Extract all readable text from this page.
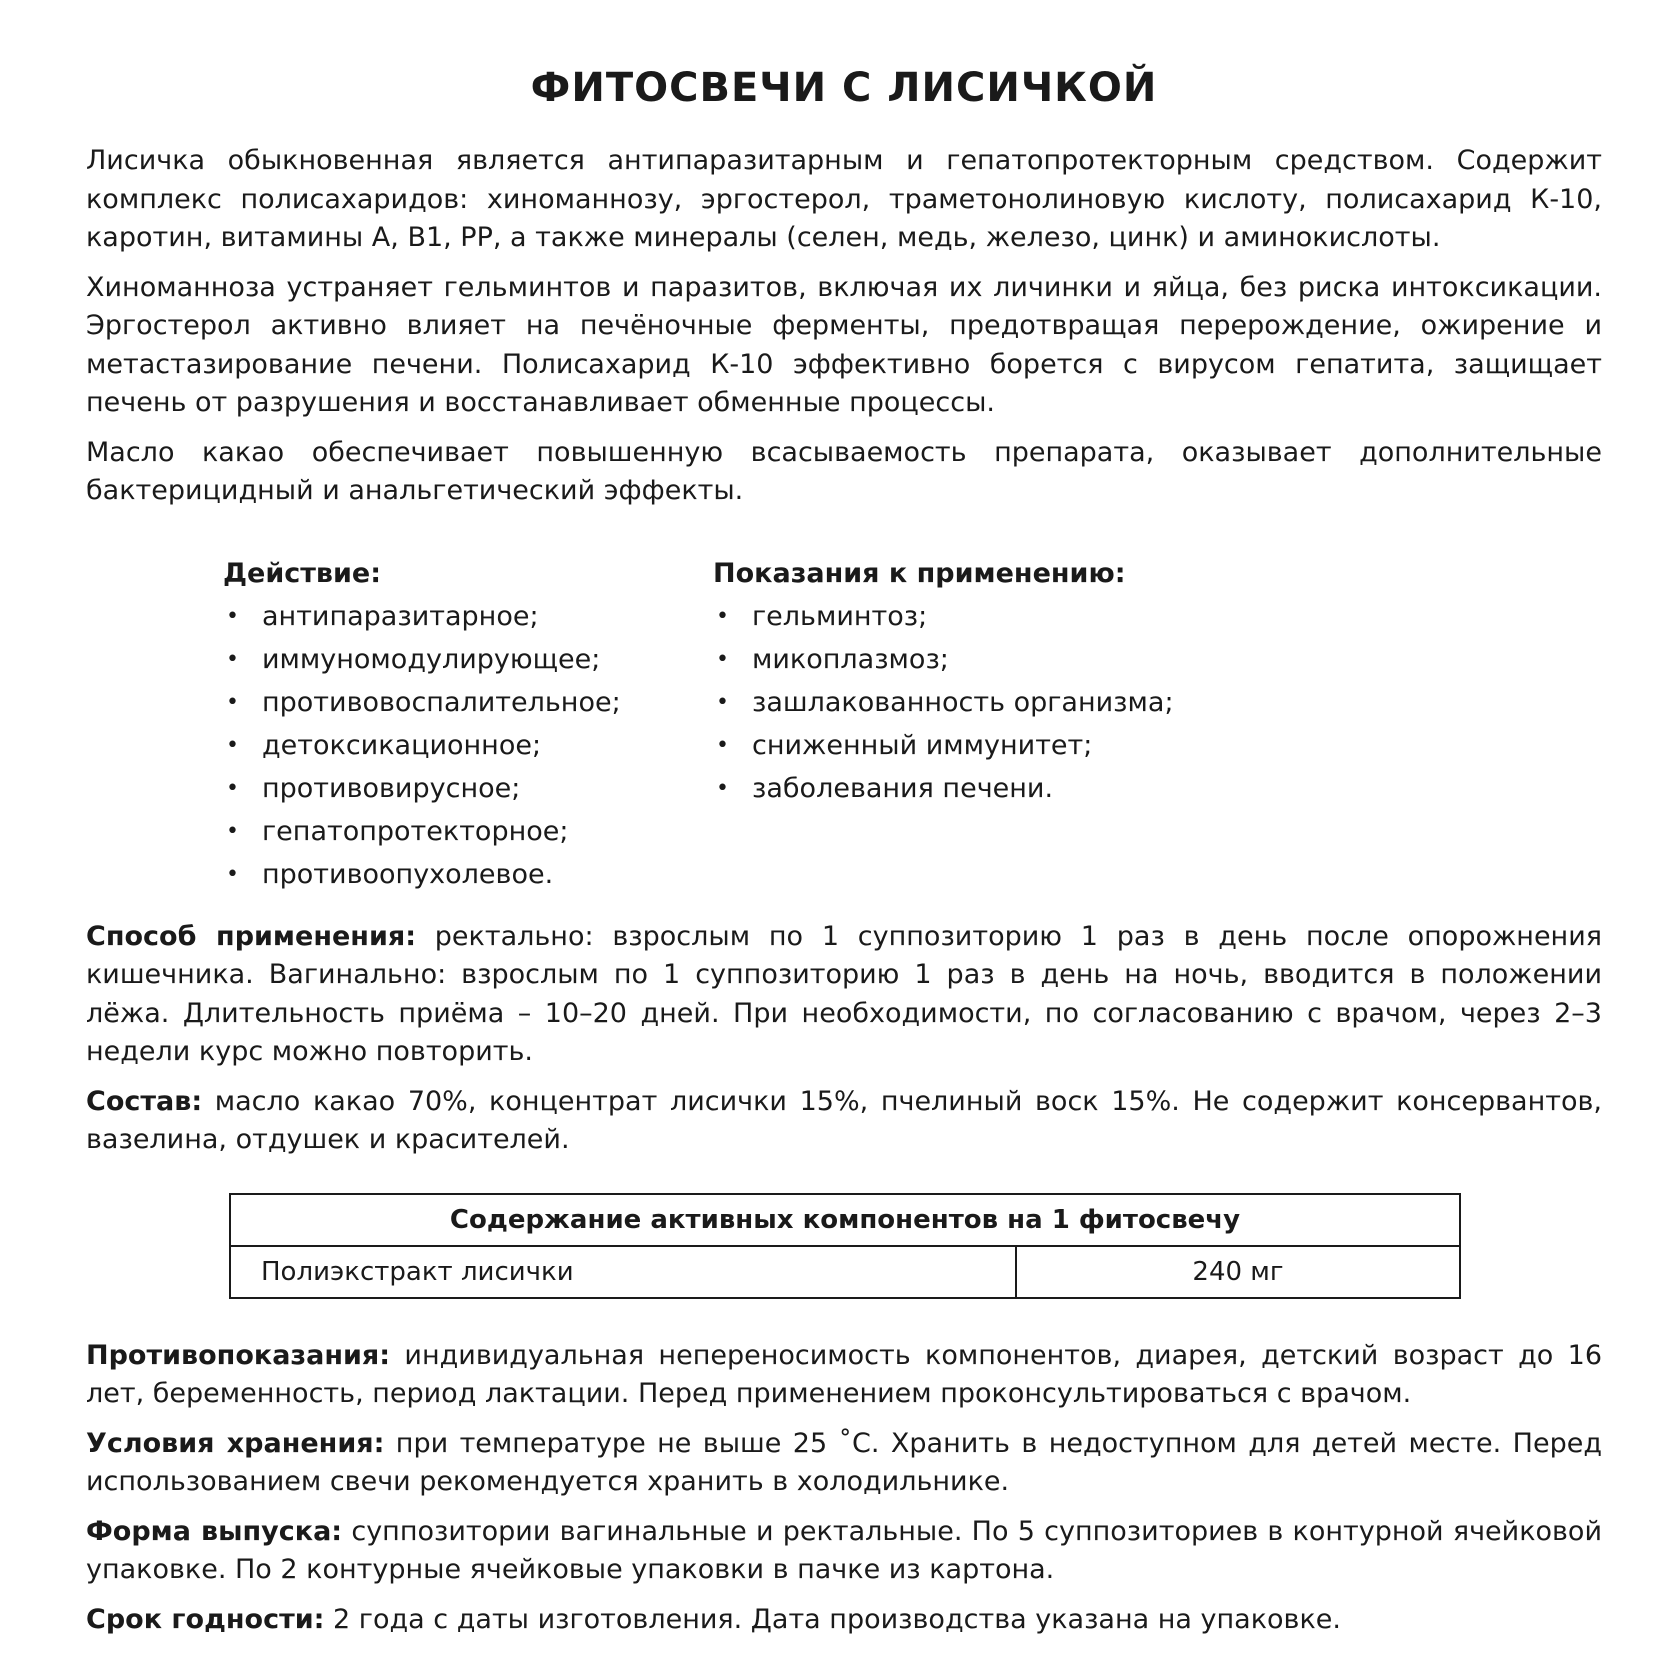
ФИТОСВЕЧИ С ЛИСИЧКОЙ

Лисичка обыкновенная является антипаразитарным и гепатопротекторным средством. Содержит комплекс полисахаридов: хиноманнозу, эргостерол, траметонолиновую кислоту, полисахарид К-10, каротин, витамины А, В1, РР, а также минералы (селен, медь, железо, цинк) и аминокислоты.

Хиноманноза устраняет гельминтов и паразитов, включая их личинки и яйца, без риска интоксикации. Эргостерол активно влияет на печёночные ферменты, предотвращая перерождение, ожирение и метастазирование печени. Полисахарид К-10 эффективно борется с вирусом гепатита, защищает печень от разрушения и восстанавливает обменные процессы.

Масло какао обеспечивает повышенную всасываемость препарата, оказывает дополнительные бактерицидный и анальгетический эффекты.

Действие:
• антипаразитарное;
• иммуномодулирующее;
• противовоспалительное;
• детоксикационное;
• противовирусное;
• гепатопротекторное;
• противоопухолевое.
Показания к применению:
• гельминтоз;
• микоплазмоз;
• зашлакованность организма;
• сниженный иммунитет;
• заболевания печени.

Способ применения: ректально: взрослым по 1 суппозиторию 1 раз в день после опорожнения кишечника. Вагинально: взрослым по 1 суппозиторию 1 раз в день на ночь, вводится в положении лёжа. Длительность приёма – 10–20 дней. При необходимости, по согласованию с врачом, через 2–3 недели курс можно повторить.

Состав: масло какао 70%, концентрат лисички 15%, пчелиный воск 15%. Не содержит консервантов, вазелина, отдушек и красителей.

Содержание активных компонентов на 1 фитосвечу
Полиэкстракт лисички	240 мг

Противопоказания: индивидуальная непереносимость компонентов, диарея, детский возраст до 16 лет, беременность, период лактации. Перед применением проконсультироваться с врачом.

Условия хранения: при температуре не выше 25 ˚С. Хранить в недоступном для детей месте. Перед использованием свечи рекомендуется хранить в холодильнике.

Форма выпуска: суппозитории вагинальные и ректальные. По 5 суппозиториев в контурной ячейковой упаковке. По 2 контурные ячейковые упаковки в пачке из картона.

Срок годности: 2 года с даты изготовления. Дата производства указана на упаковке.
